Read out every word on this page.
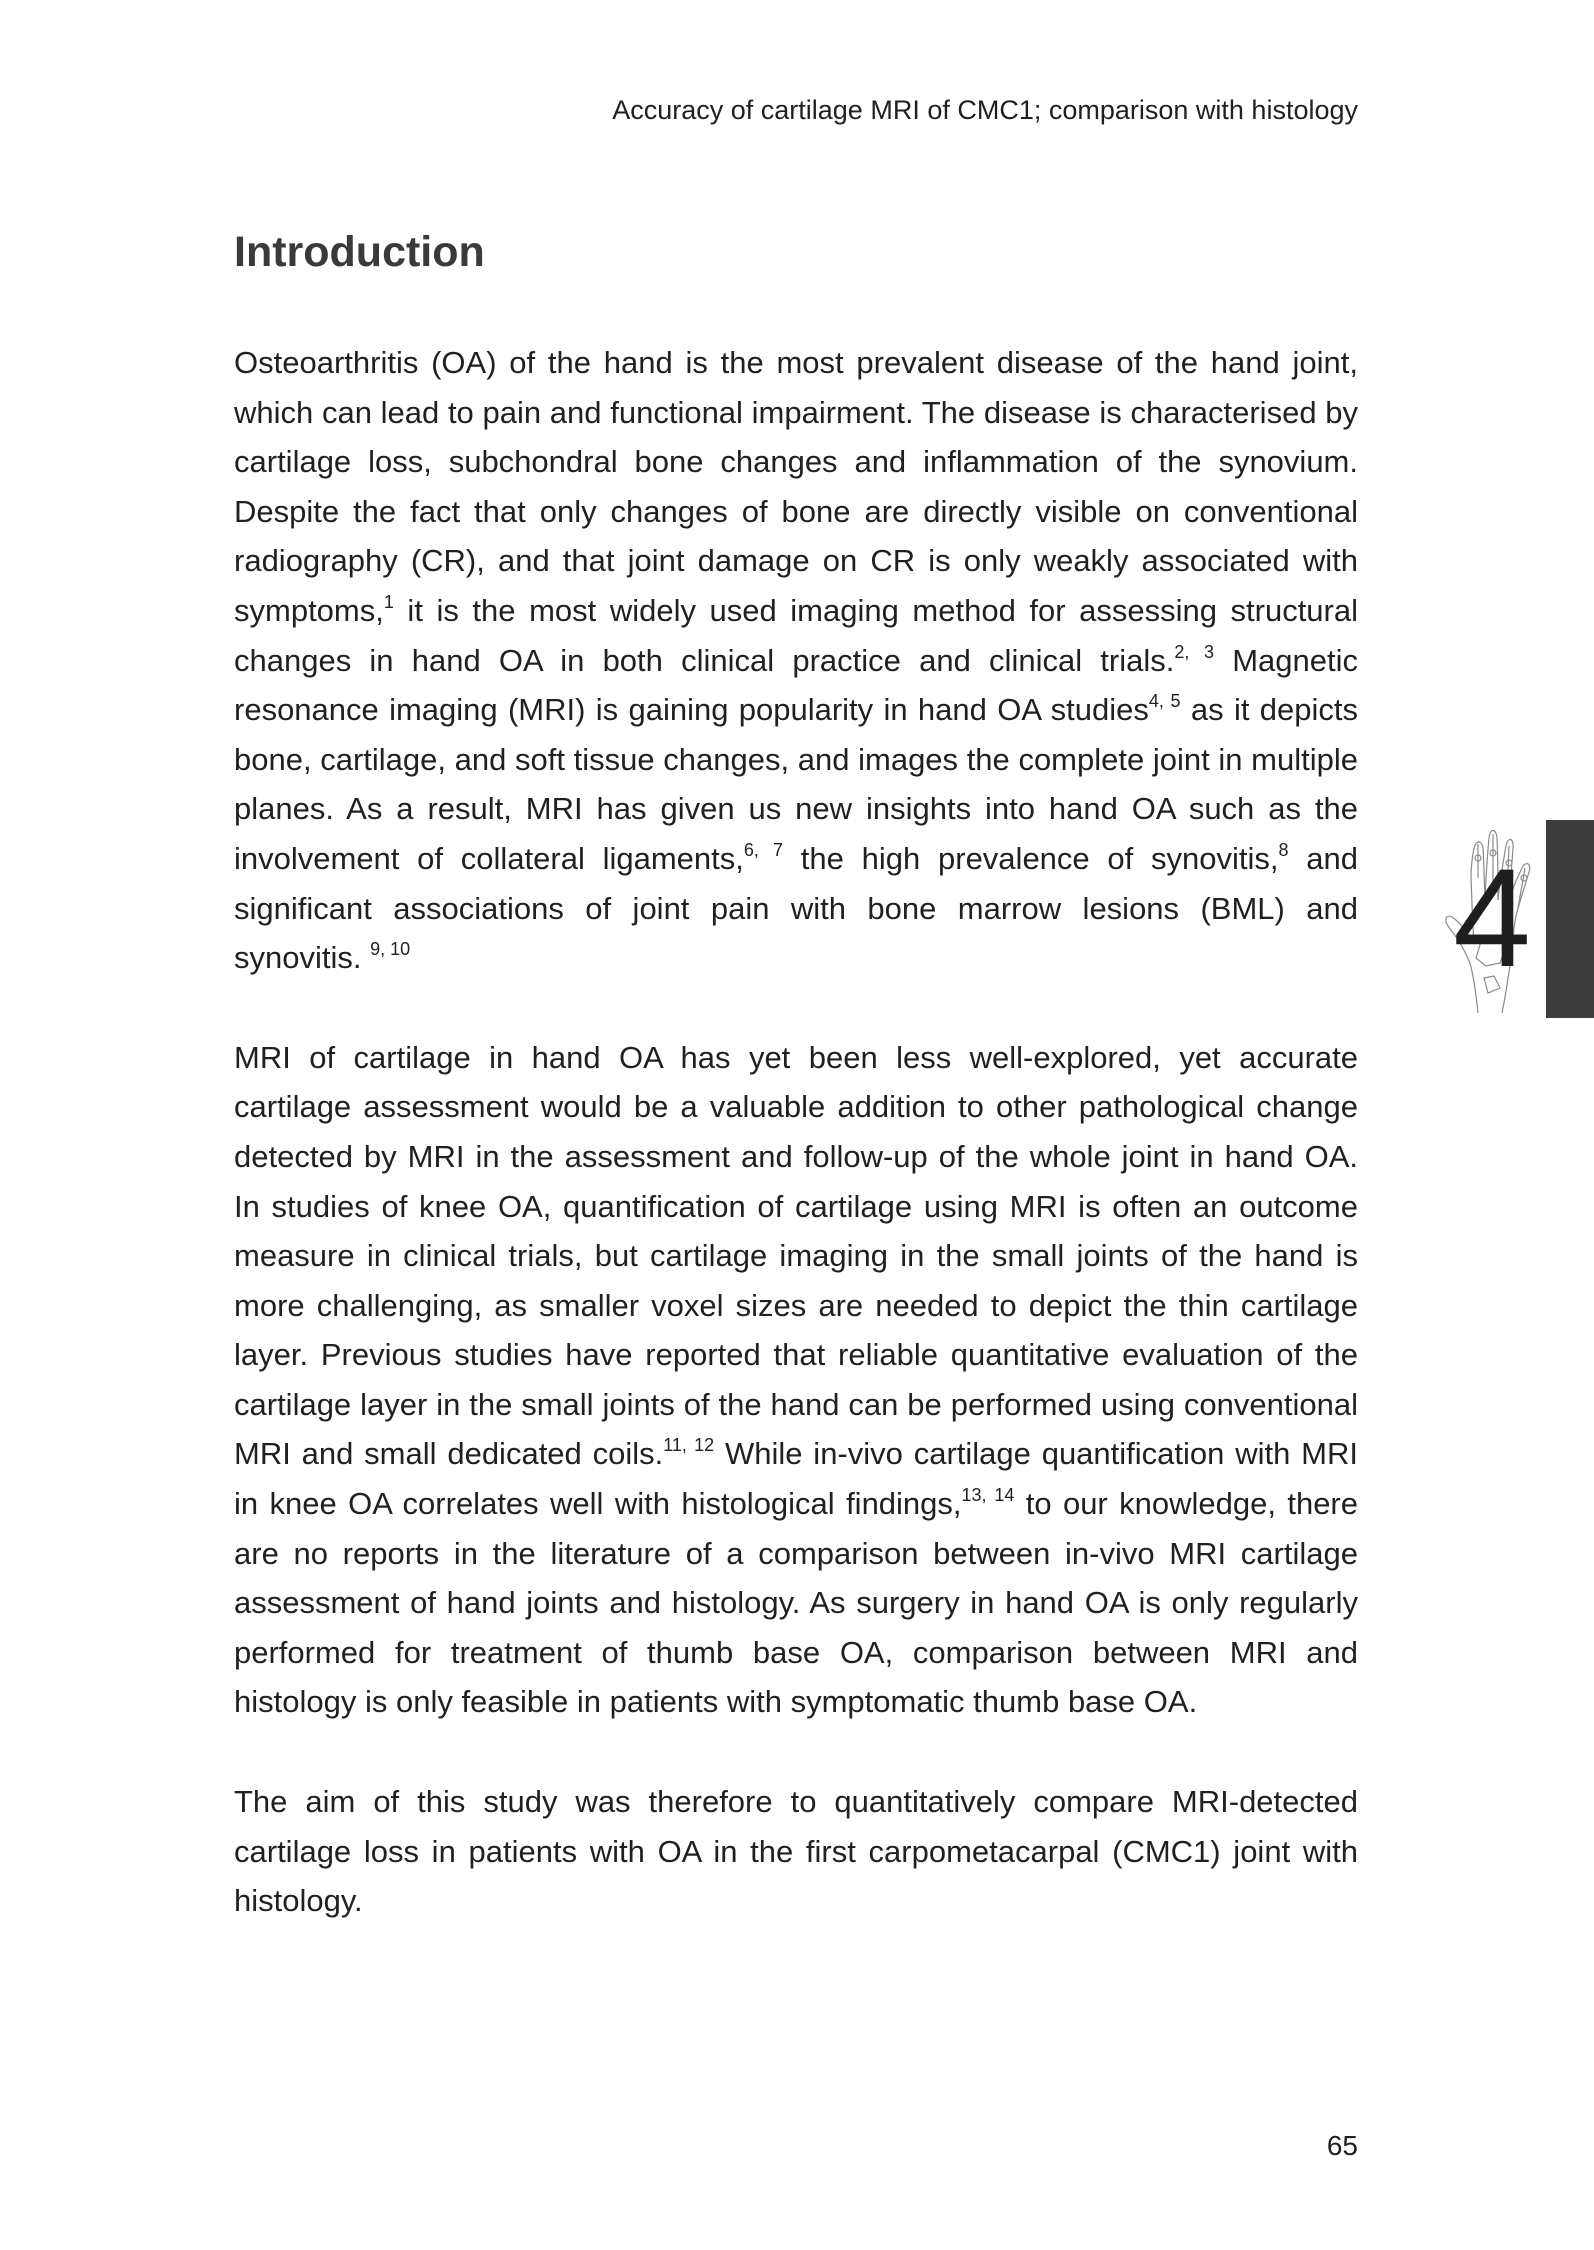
Accuracy of cartilage MRI of CMC1; comparison with histology
Introduction

Osteoarthritis (OA) of the hand is the most prevalent disease of the hand joint, which can lead to pain and functional impairment. The disease is characterised by cartilage loss, subchondral bone changes and inflammation of the synovium. Despite the fact that only changes of bone are directly visible on conventional radiography (CR), and that joint damage on CR is only weakly associated with symptoms,$^1$ it is the most widely used imaging method for assessing structural changes in hand OA in both clinical practice and clinical trials.$^{2, 3}$ Magnetic resonance imaging (MRI) is gaining popularity in hand OA studies$^{4, 5}$ as it depicts bone, cartilage, and soft tissue changes, and images the complete joint in multiple planes. As a result, MRI has given us new insights into hand OA such as the involvement of collateral ligaments,$^{6, 7}$ the high prevalence of synovitis,$^8$ and significant associations of joint pain with bone marrow lesions (BML) and synovitis. $^{9, 10}$

MRI of cartilage in hand OA has yet been less well-explored, yet accurate cartilage assessment would be a valuable addition to other pathological change detected by MRI in the assessment and follow-up of the whole joint in hand OA. In studies of knee OA, quantification of cartilage using MRI is often an outcome measure in clinical trials, but cartilage imaging in the small joints of the hand is more challenging, as smaller voxel sizes are needed to depict the thin cartilage layer. Previous studies have reported that reliable quantitative evaluation of the cartilage layer in the small joints of the hand can be performed using conventional MRI and small dedicated coils.$^{11, 12}$ While in-vivo cartilage quantification with MRI in knee OA correlates well with histological findings,$^{13, 14}$ to our knowledge, there are no reports in the literature of a comparison between in-vivo MRI cartilage assessment of hand joints and histology. As surgery in hand OA is only regularly performed for treatment of thumb base OA, comparison between MRI and histology is only feasible in patients with symptomatic thumb base OA.

The aim of this study was therefore to quantitatively compare MRI-detected cartilage loss in patients with OA in the first carpometacarpal (CMC1) joint with histology.

4
65
